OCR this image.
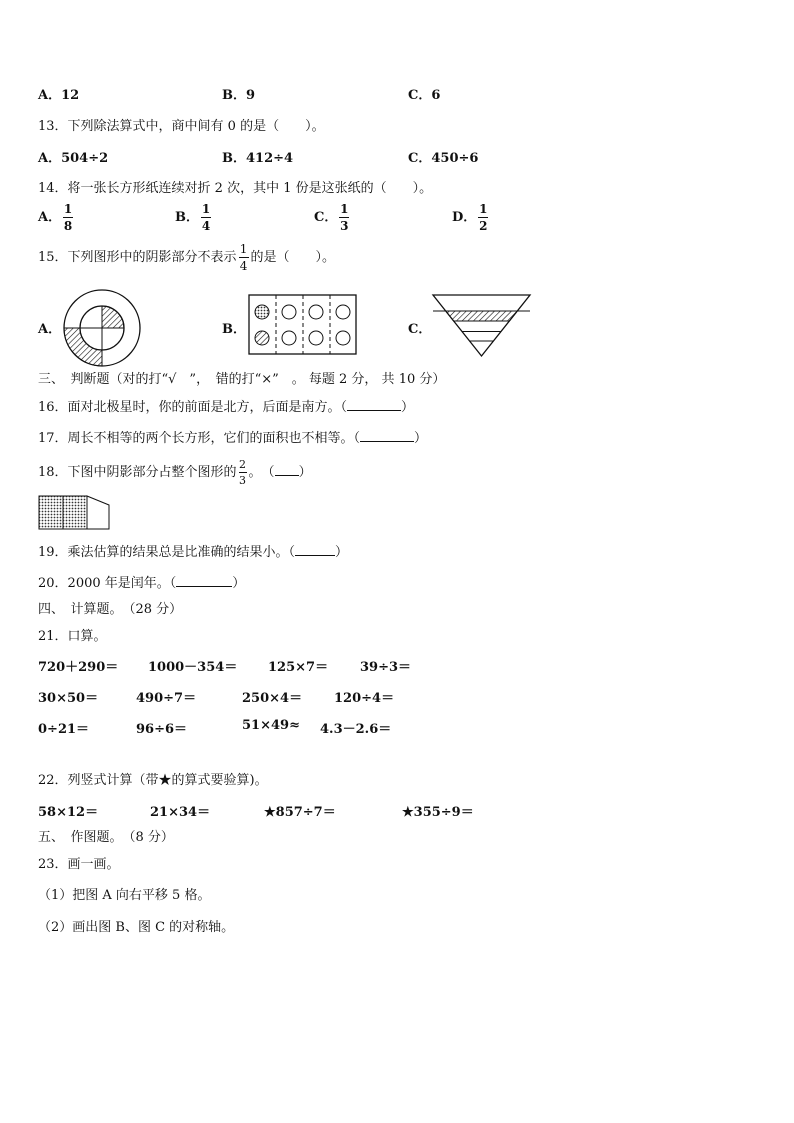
A．12	B．9	C．6
13．下列除法算式中，商中间有 0 的是（　　）。
A．504÷2	B．412÷4	C．450÷6
14．将一张长方形纸连续对折 2 次，其中 1 份是这张纸的（　　）。
A． $\frac{1}{8}$	B． $\frac{1}{4}$	C． $\frac{1}{3}$	D． $\frac{1}{2}$
15．下列图形中的阴影部分不表示 $\frac{1}{4}$ 的是（　　）。
A．	B．	C．
三、　判断题（对的打“√　”，　错的打“×”　。 每题 2 分， 共 10 分）
16．面对北极星时，你的前面是北方，后面是南方。（	）
17．周长不相等的两个长方形，它们的面积也不相等。（	）
18．下图中阴影部分占整个图形的 $\frac{2}{3}$ 。　（ ）
19．乘法估算的结果总是比准确的结果小。（	）
20．2000 年是闰年。（	）
四、　计算题。　（28 分）
21．口算。
720＋290＝ 1000－354＝ 125×7＝ 39÷3＝
30×50＝	490÷7＝	250×4＝ 120÷4＝
0÷21＝	96÷6＝	51×49≈ 4.3－2.6＝
22．列竖式计算（带★的算式要验算)。
58×12＝	21×34＝	★857÷7＝	★355÷9＝
五、　作图题。　（8 分）
23．画一画。
（1）把图 A 向右平移 5 格。
（2）画出图 B、图 C 的对称轴。
